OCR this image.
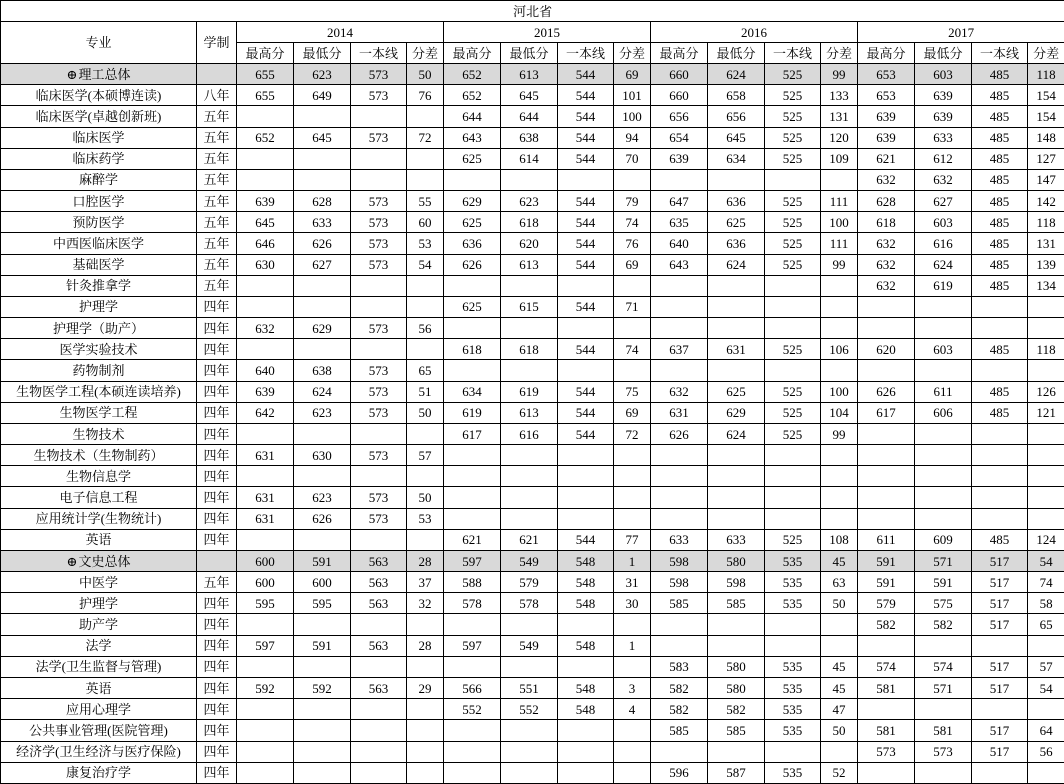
河北省																	
专业	学制	2014				2015				2016				2017			
		最高分	最低分	一本线	分差	最高分	最低分	一本线	分差	最高分	最低分	一本线	分差	最高分	最低分	一本线	分差
⊕理工总体		655	623	573	50	652	613	544	69	660	624	525	99	653	603	485	118
临床医学(本硕博连读)	八年	655	649	573	76	652	645	544	101	660	658	525	133	653	639	485	154
临床医学(卓越创新班)	五年					644	644	544	100	656	656	525	131	639	639	485	154
临床医学	五年	652	645	573	72	643	638	544	94	654	645	525	120	639	633	485	148
临床药学	五年					625	614	544	70	639	634	525	109	621	612	485	127
麻醉学	五年													632	632	485	147
口腔医学	五年	639	628	573	55	629	623	544	79	647	636	525	111	628	627	485	142
预防医学	五年	645	633	573	60	625	618	544	74	635	625	525	100	618	603	485	118
中西医临床医学	五年	646	626	573	53	636	620	544	76	640	636	525	111	632	616	485	131
基础医学	五年	630	627	573	54	626	613	544	69	643	624	525	99	632	624	485	139
针灸推拿学	五年													632	619	485	134
护理学	四年					625	615	544	71								
护理学（助产）	四年	632	629	573	56												
医学实验技术	四年					618	618	544	74	637	631	525	106	620	603	485	118
药物制剂	四年	640	638	573	65												
生物医学工程(本硕连读培养)	四年	639	624	573	51	634	619	544	75	632	625	525	100	626	611	485	126
生物医学工程	四年	642	623	573	50	619	613	544	69	631	629	525	104	617	606	485	121
生物技术	四年					617	616	544	72	626	624	525	99				
生物技术（生物制药）	四年	631	630	573	57												
生物信息学	四年																
电子信息工程	四年	631	623	573	50												
应用统计学(生物统计)	四年	631	626	573	53												
英语	四年					621	621	544	77	633	633	525	108	611	609	485	124
⊕文史总体		600	591	563	28	597	549	548	1	598	580	535	45	591	571	517	54
中医学	五年	600	600	563	37	588	579	548	31	598	598	535	63	591	591	517	74
护理学	四年	595	595	563	32	578	578	548	30	585	585	535	50	579	575	517	58
助产学	四年													582	582	517	65
法学	四年	597	591	563	28	597	549	548	1								
法学(卫生监督与管理)	四年									583	580	535	45	574	574	517	57
英语	四年	592	592	563	29	566	551	548	3	582	580	535	45	581	571	517	54
应用心理学	四年					552	552	548	4	582	582	535	47				
公共事业管理(医院管理)	四年									585	585	535	50	581	581	517	64
经济学(卫生经济与医疗保险)	四年													573	573	517	56
康复治疗学	四年									596	587	535	52				
